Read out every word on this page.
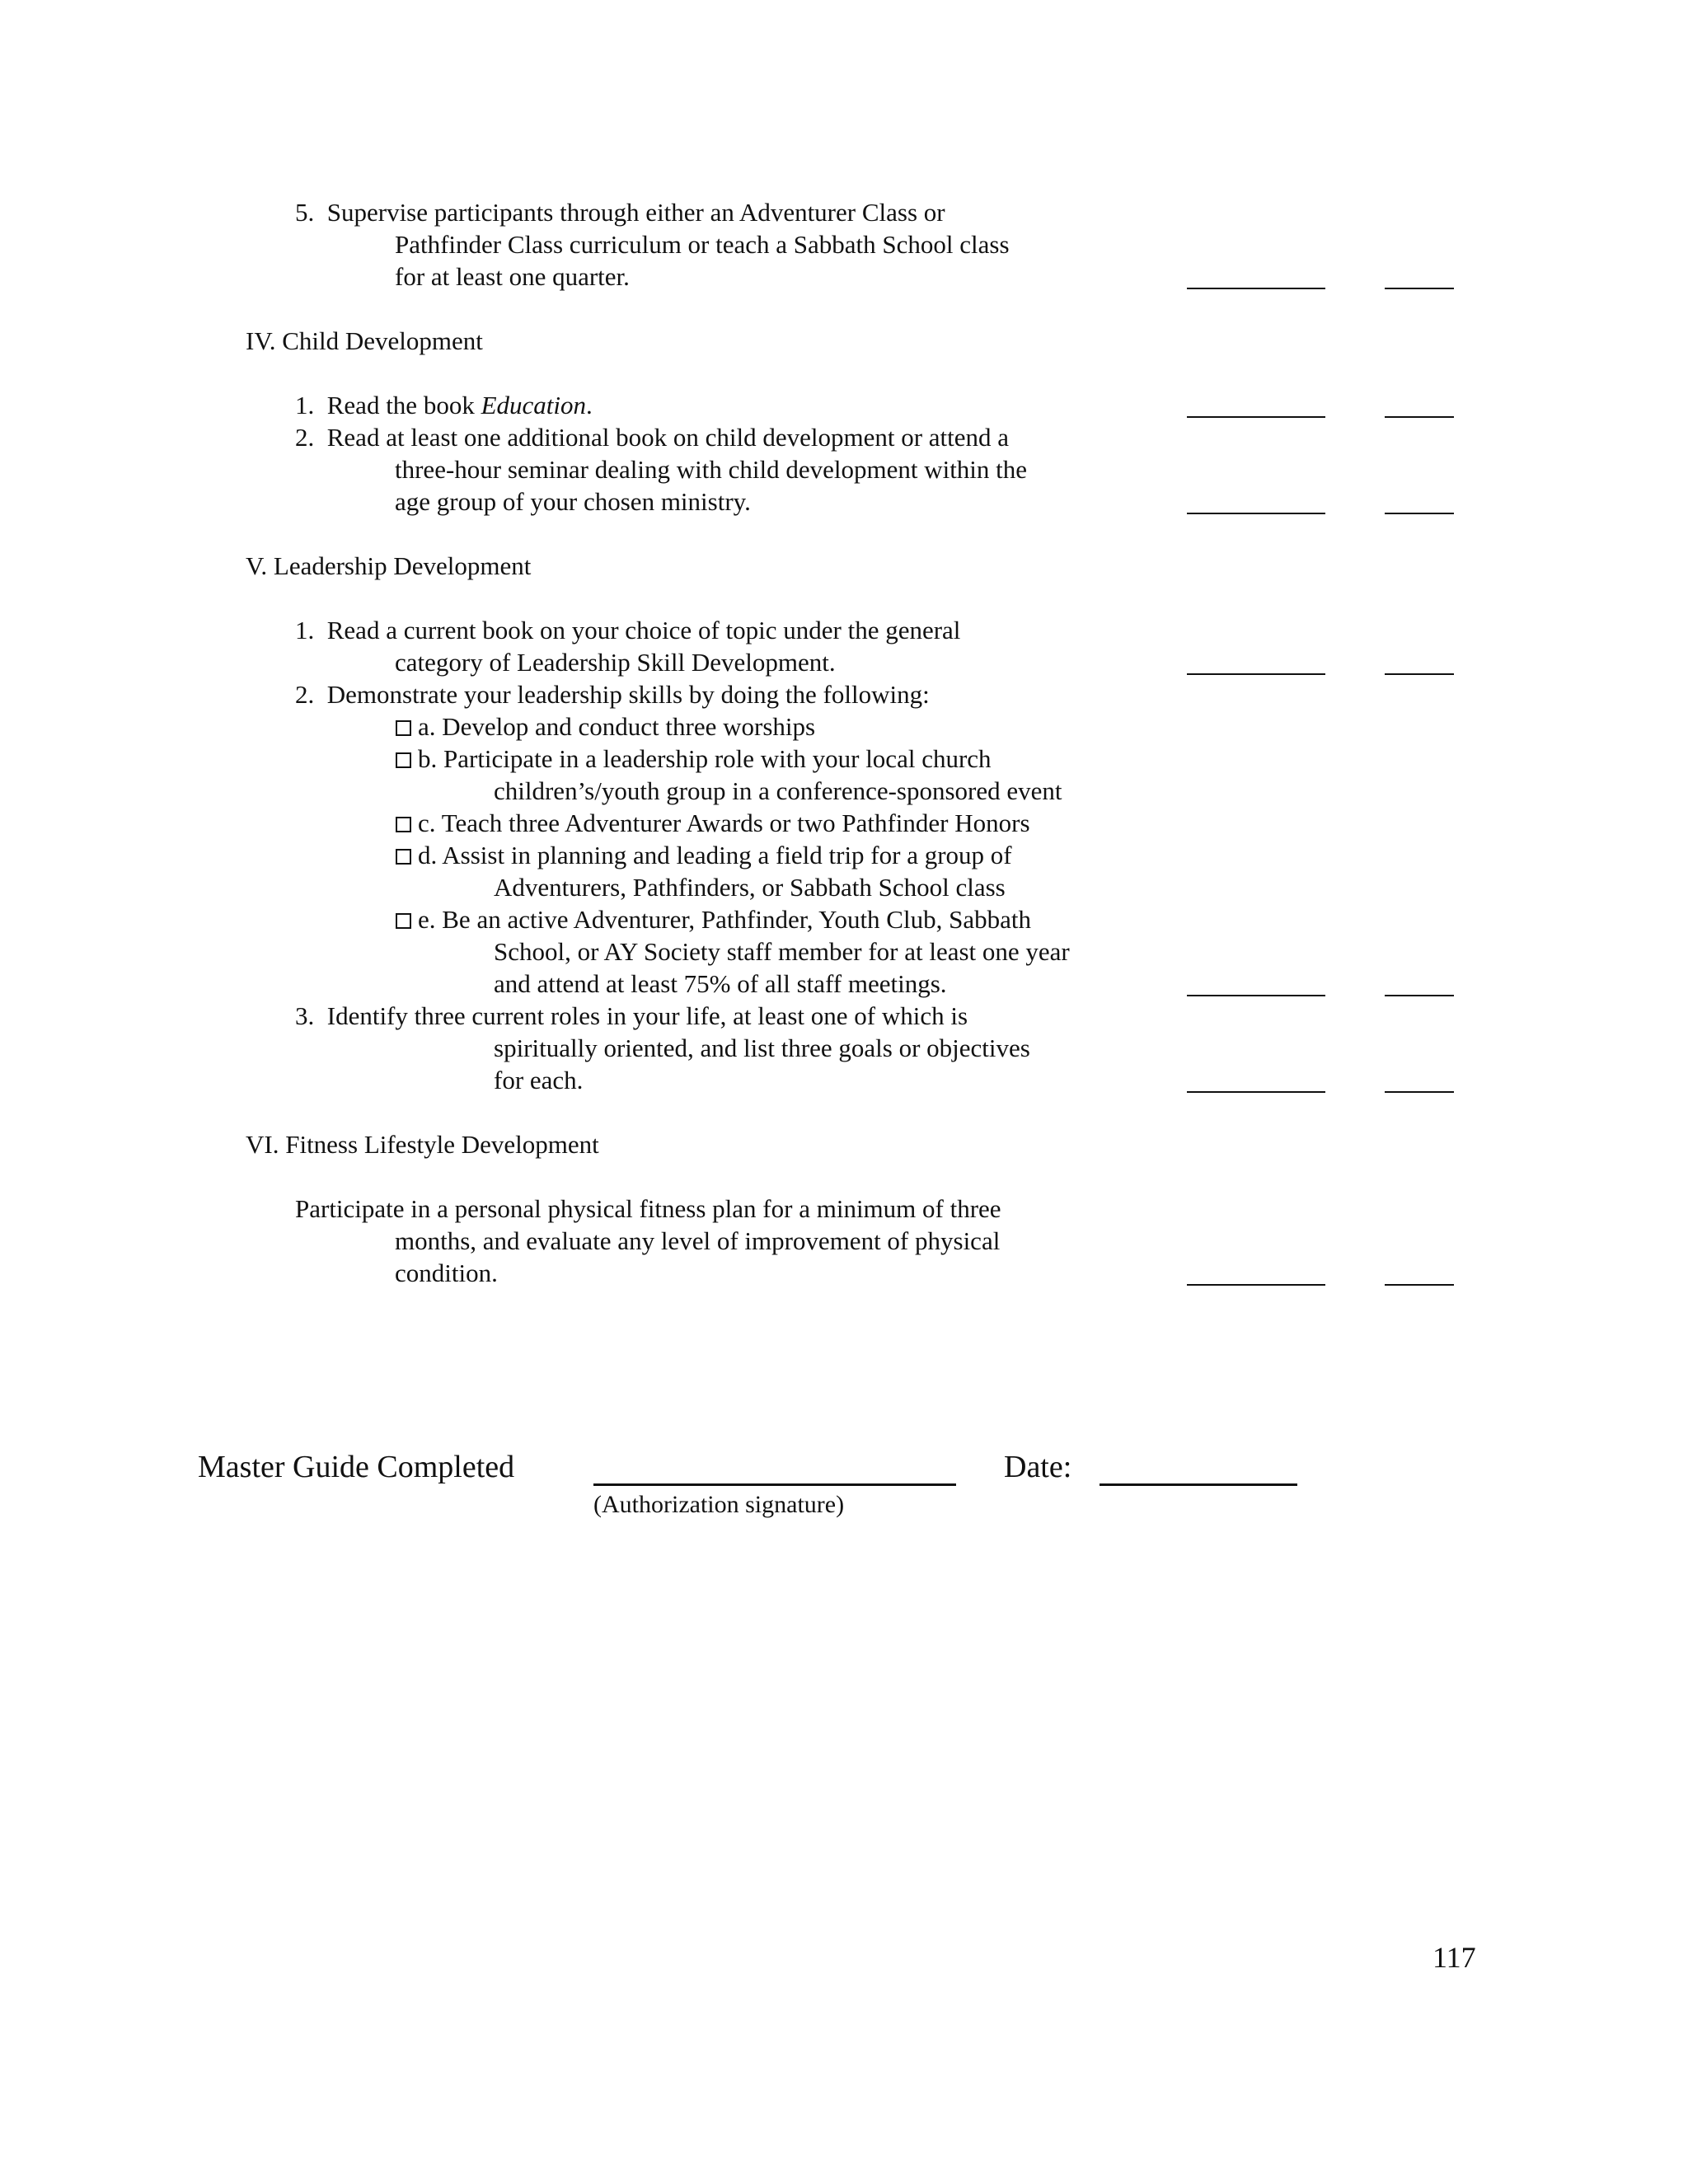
5. Supervise participants through either an Adventurer Class or
Pathfinder Class curriculum or teach a Sabbath School class
for at least one quarter.
IV. Child Development
1. Read the book Education.
2. Read at least one additional book on child development or attend a
three-hour seminar dealing with child development within the
age group of your chosen ministry.
V. Leadership Development
1. Read a current book on your choice of topic under the general
category of Leadership Skill Development.
2. Demonstrate your leadership skills by doing the following:
a. Develop and conduct three worships
b. Participate in a leadership role with your local church
children’s/youth group in a conference-sponsored event
c. Teach three Adventurer Awards or two Pathfinder Honors
d. Assist in planning and leading a field trip for a group of
Adventurers, Pathfinders, or Sabbath School class
e. Be an active Adventurer, Pathfinder, Youth Club, Sabbath
School, or AY Society staff member for at least one year
and attend at least 75% of all staff meetings.
3. Identify three current roles in your life, at least one of which is
spiritually oriented, and list three goals or objectives
for each.
VI. Fitness Lifestyle Development
Participate in a personal physical fitness plan for a minimum of three
months, and evaluate any level of improvement of physical
condition.
Master Guide Completed
(Authorization signature)
Date:
117
